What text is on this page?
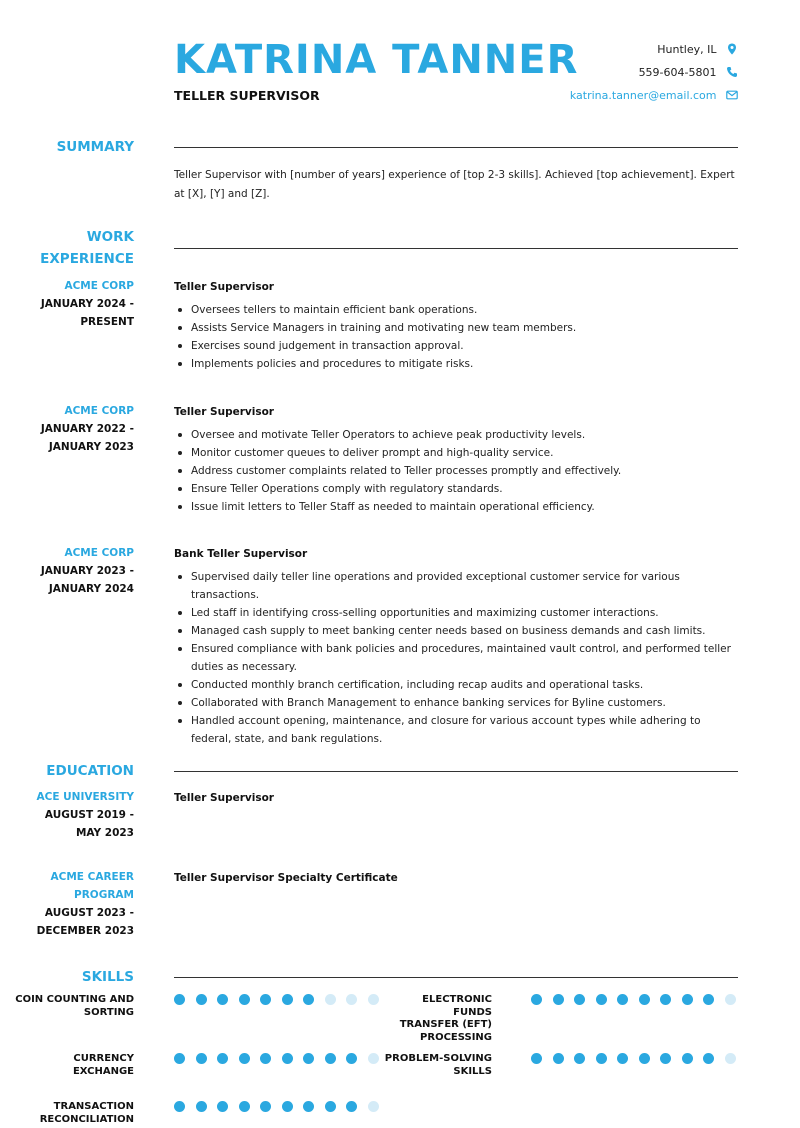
KATRINA TANNER
TELLER SUPERVISOR
Huntley, IL
559-604-5801
katrina.tanner@email.com
SUMMARY
Teller Supervisor with [number of years] experience of [top 2-3 skills]. Achieved [top achievement]. Expert at [X], [Y] and [Z].
WORK
EXPERIENCE
ACME CORP
JANUARY 2024 -
PRESENT
Teller Supervisor
Oversees tellers to maintain efficient bank operations.
Assists Service Managers in training and motivating new team members.
Exercises sound judgement in transaction approval.
Implements policies and procedures to mitigate risks.
ACME CORP
JANUARY 2022 -
JANUARY 2023
Teller Supervisor
Oversee and motivate Teller Operators to achieve peak productivity levels.
Monitor customer queues to deliver prompt and high-quality service.
Address customer complaints related to Teller processes promptly and effectively.
Ensure Teller Operations comply with regulatory standards.
Issue limit letters to Teller Staff as needed to maintain operational efficiency.
ACME CORP
JANUARY 2023 -
JANUARY 2024
Bank Teller Supervisor
Supervised daily teller line operations and provided exceptional customer service for various transactions.
Led staff in identifying cross-selling opportunities and maximizing customer interactions.
Managed cash supply to meet banking center needs based on business demands and cash limits.
Ensured compliance with bank policies and procedures, maintained vault control, and performed teller duties as necessary.
Conducted monthly branch certification, including recap audits and operational tasks.
Collaborated with Branch Management to enhance banking services for Byline customers.
Handled account opening, maintenance, and closure for various account types while adhering to federal, state, and bank regulations.
EDUCATION
ACE UNIVERSITY
AUGUST 2019 -
MAY 2023
Teller Supervisor
ACME CAREER
PROGRAM
AUGUST 2023 -
DECEMBER 2023
Teller Supervisor Specialty Certificate
SKILLS
COIN COUNTING AND
SORTING
ELECTRONIC FUNDS
TRANSFER (EFT)
PROCESSING
CURRENCY
EXCHANGE
PROBLEM-SOLVING
SKILLS
TRANSACTION
RECONCILIATION
